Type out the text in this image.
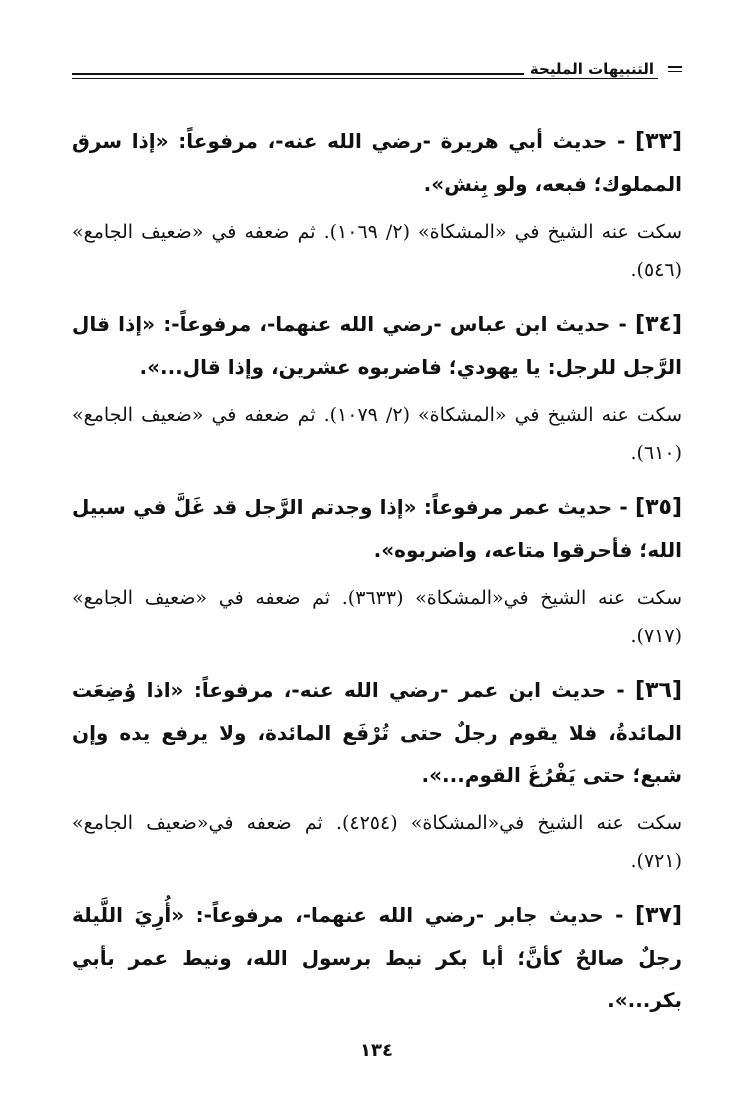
التنبيهات المليحة

[٣٣] - حديث أبي هريرة -رضي الله عنه-، مرفوعاً: «إذا سرق المملوك؛ فبعه، ولو بِنش».

سكت عنه الشيخ في «المشكاة» (٢/ ١٠٦٩). ثم ضعفه في «ضعيف الجامع» (٥٤٦).

[٣٤] - حديث ابن عباس -رضي الله عنهما-، مرفوعاً-: «إذا قال الرَّجل للرجل: يا يهودي؛ فاضربوه عشرين، وإذا قال...».

سكت عنه الشيخ في «المشكاة» (٢/ ١٠٧٩). ثم ضعفه في «ضعيف الجامع» (٦١٠).

[٣٥] - حديث عمر مرفوعاً: «إذا وجدتم الرَّجل قد غَلَّ في سبيل الله؛ فأحرقوا متاعه، واضربوه».

سكت عنه الشيخ في«المشكاة» (٣٦٣٣). ثم ضعفه في «ضعيف الجامع» (٧١٧).

[٣٦] - حديث ابن عمر -رضي الله عنه-، مرفوعاً: «اذا وُضِعَت المائدةُ، فلا يقوم رجلٌ حتى تُرْفَع المائدة، ولا يرفع يده وإن شبع؛ حتى يَفْرُغَ القوم...».

سكت عنه الشيخ في«المشكاة» (٤٢٥٤). ثم ضعفه في«ضعيف الجامع» (٧٢١).

[٣٧] - حديث جابر -رضي الله عنهما-، مرفوعاً-: «أُرِيَ اللَّيلة رجلٌ صالحٌ كأنَّ؛ أبا بكر نيط برسول الله، ونيط عمر بأبي بكر...».

١٣٤
